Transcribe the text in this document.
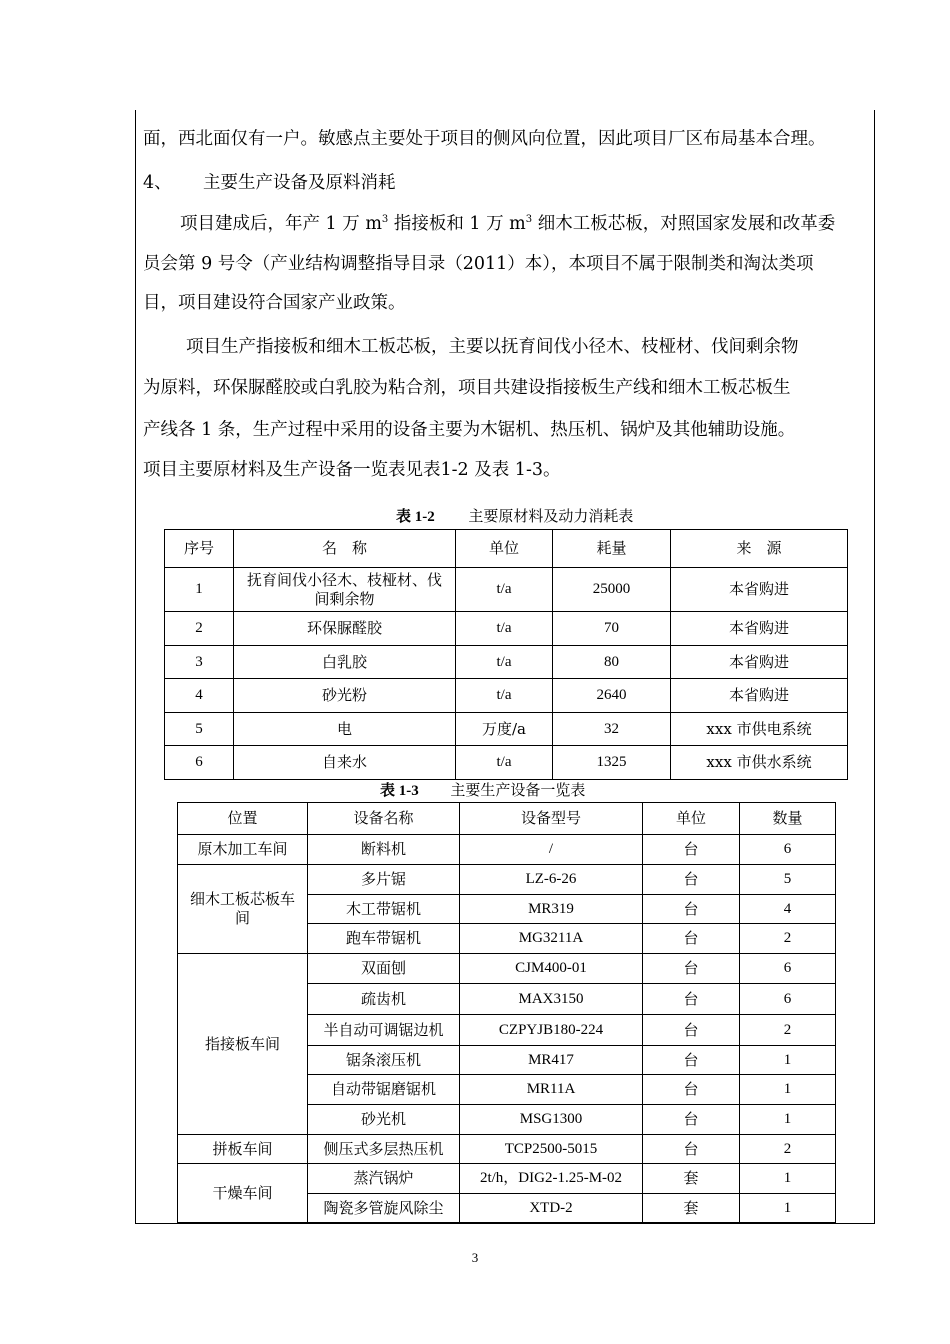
面，西北面仅有一户。敏感点主要处于项目的侧风向位置，因此项目厂区布局基本合理。
4、 主要生产设备及原料消耗
项目建成后，年产 1 万 $m^3$ 指接板和 1 万 $m^3$ 细木工板芯板，对照国家发展和改革委
员会第 9 号令（产业结构调整指导目录（2011）本），本项目不属于限制类和淘汰类项
目，项目建设符合国家产业政策。
项目生产指接板和细木工板芯板，主要以抚育间伐小径木、枝桠材、伐间剩余物
为原料，环保脲醛胶或白乳胶为粘合剂，项目共建设指接板生产线和细木工板芯板生
产线各 1 条，生产过程中采用的设备主要为木锯机、热压机、锅炉及其他辅助设施。
项目主要原材料及生产设备一览表见表1-2 及表 1-3。
表 1-2 主要原材料及动力消耗表
序号	名　称	单位	耗量	来　源
1	抚育间伐小径木、枝桠材、伐间剩余物	t/a	25000	本省购进
2	环保脲醛胶	t/a	70	本省购进
3	白乳胶	t/a	80	本省购进
4	砂光粉	t/a	2640	本省购进
5	电	万度/a	32	xxx 市供电系统
6	自来水	t/a	1325	xxx 市供水系统
表 1-3 主要生产设备一览表
位置	设备名称	设备型号	单位	数量
原木加工车间	断料机	/	台	6
细木工板芯板车间	多片锯	LZ-6-26	台	5
	木工带锯机	MR319	台	4
	跑车带锯机	MG3211A	台	2
指接板车间	双面刨	CJM400-01	台	6
	疏齿机	MAX3150	台	6
	半自动可调锯边机	CZPYJB180-224	台	2
	锯条滚压机	MR417	台	1
	自动带锯磨锯机	MR11A	台	1
	砂光机	MSG1300	台	1
拼板车间	侧压式多层热压机	TCP2500-5015	台	2
干燥车间	蒸汽锅炉	2t/h，DIG2-1.25-M-02	套	1
	陶瓷多管旋风除尘	XTD-2	套	1
3
